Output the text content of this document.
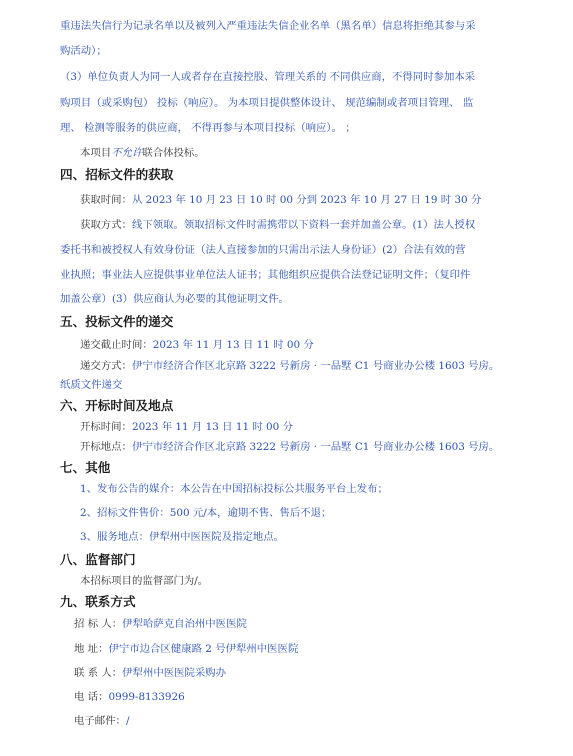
重违法失信行为记录名单以及被列入严重违法失信企业名单（黑名单）信息将拒绝其参与采
购活动）；
（3）单位负责人为同一人或者存在直接控股、管理关系的 不同供应商，不得同时参加本采
购项目（或采购包） 投标（响应）。 为本项目提供整体设计、 规范编制或者项目管理、 监
理、 检测等服务的供应商， 不得再参与本项目投标（响应）。 ；
本项目不允许联合体投标。
四、招标文件的获取
获取时间：从 2023 年 10 月 23 日 10 时 00 分到 2023 年 10 月 27 日 19 时 30 分
获取方式：线下领取。领取招标文件时需携带以下资料一套并加盖公章。(1）法人授权
委托书和被授权人有效身份证（法人直接参加的只需出示法人身份证）(2）合法有效的营
业执照；事业法人应提供事业单位法人证书；其他组织应提供合法登记证明文件；（复印件
加盖公章）(3）供应商认为必要的其他证明文件。
五、投标文件的递交
递交截止时间：2023 年 11 月 13 日 11 时 00 分
递交方式：伊宁市经济合作区北京路 3222 号新房 · 一品墅 C1 号商业办公楼 1603 号房。
纸质文件递交
六、开标时间及地点
开标时间：2023 年 11 月 13 日 11 时 00 分
开标地点：伊宁市经济合作区北京路 3222 号新房 · 一品墅 C1 号商业办公楼 1603 号房。
七、其他
1、发布公告的媒介：本公告在中国招标投标公共服务平台上发布；
2、招标文件售价：500 元/本，逾期不售、售后不退；
3、服务地点：伊犁州中医医院及指定地点。
八、监督部门
本招标项目的监督部门为/。
九、联系方式
招 标 人：伊犁哈萨克自治州中医医院
地 址：伊宁市边合区健康路 2 号伊犁州中医医院
联 系 人：伊犁州中医医院采购办
电 话：0999-8133926
电子邮件：/
